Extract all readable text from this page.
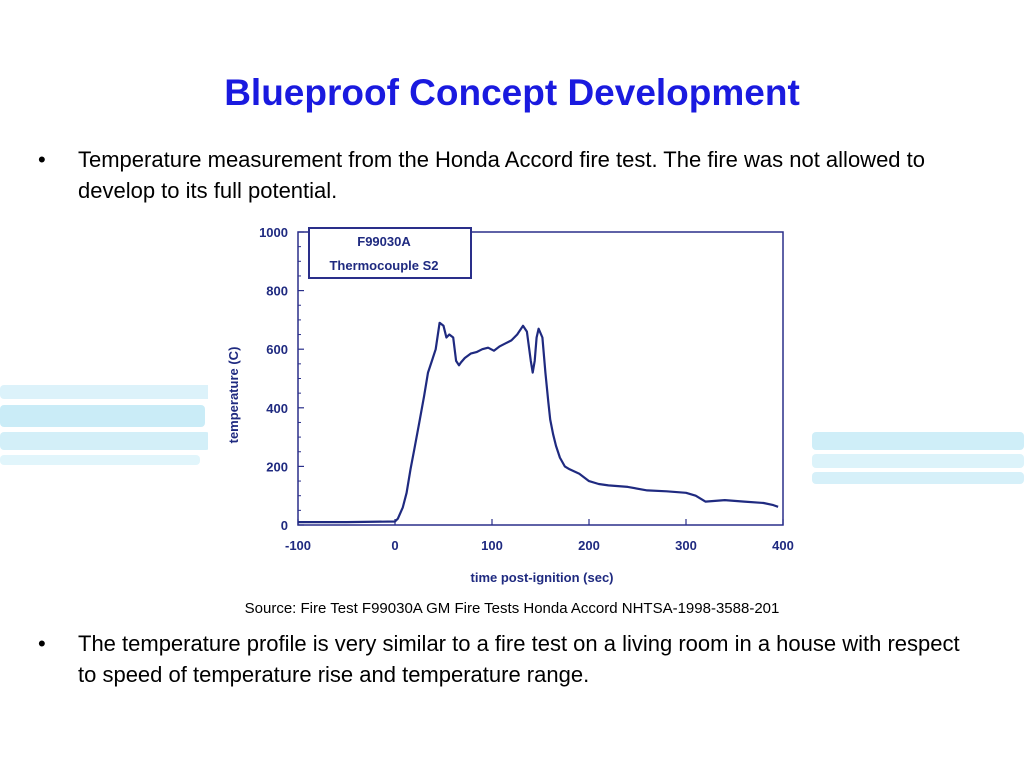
Blueproof Concept Development
• Temperature measurement from the Honda Accord fire test. The fire was not allowed to develop to its full potential.
0
200
400
600
800
1000
-100	0	100	200	300	400
F99030A
Thermocouple S2
time post-ignition (sec)
temperature (C)
Source: Fire Test F99030A GM Fire Tests Honda Accord NHTSA-1998-3588-201
• The temperature profile is very similar to a fire test on a living room in a house with respect to speed of temperature rise and temperature range.
